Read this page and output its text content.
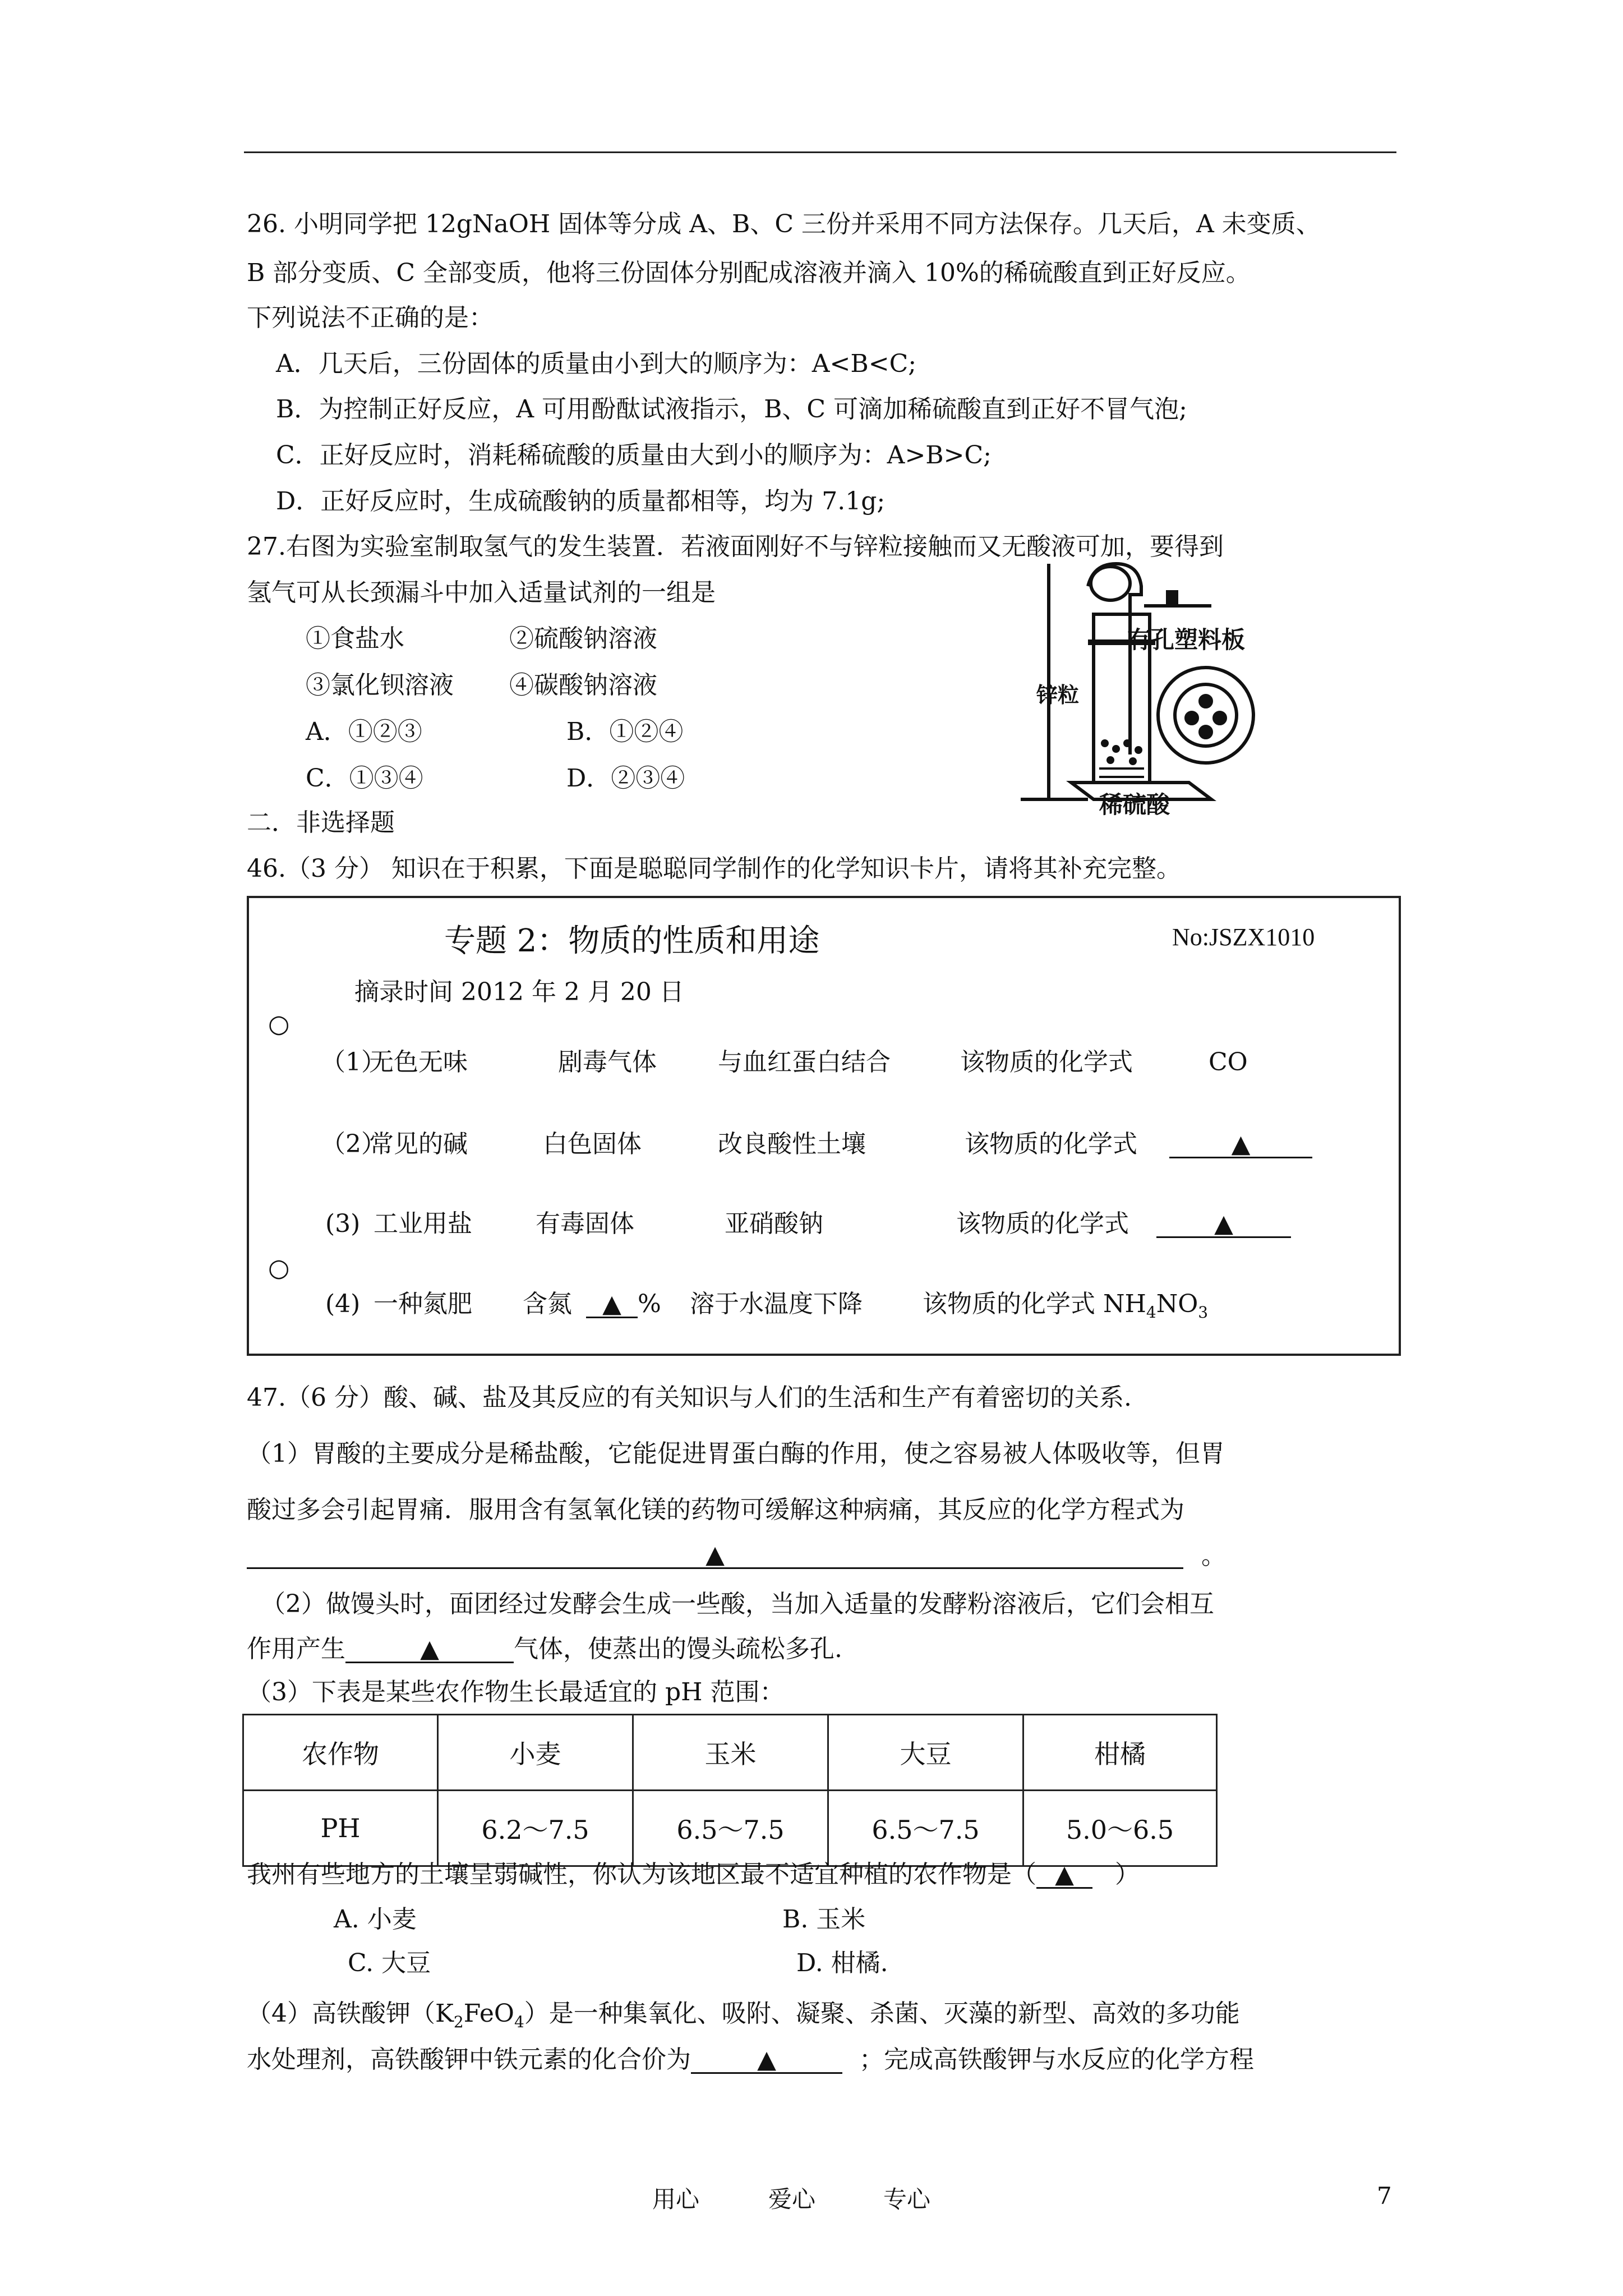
26. 小明同学把 12gNaOH 固体等分成 A、B、C 三份并采用不同方法保存。几天后，A 未变质、
B 部分变质、C 全部变质，他将三份固体分别配成溶液并滴入 10%的稀硫酸直到正好反应。
下列说法不正确的是：
A．几天后，三份固体的质量由小到大的顺序为：A<B<C;
B．为控制正好反应，A 可用酚酞试液指示，B、C 可滴加稀硫酸直到正好不冒气泡;
C．正好反应时，消耗稀硫酸的质量由大到小的顺序为：A>B>C;
D．正好反应时，生成硫酸钠的质量都相等，均为 7.1g;
27.右图为实验室制取氢气的发生装置．若液面刚好不与锌粒接触而又无酸液可加，要得到
氢气可从长颈漏斗中加入适量试剂的一组是
①食盐水	②硫酸钠溶液
③氯化钡溶液 ④碳酸钠溶液
A．①②③	B．①②④
C．①③④	D．②③④
有孔塑料板
锌粒
稀硫酸
二．非选择题
46.（3 分） 知识在于积累，下面是聪聪同学制作的化学知识卡片，请将其补充完整。
专题 2：物质的性质和用途	No:JSZX1010
摘录时间 2012 年 2 月 20 日
○
○
（1）
无色无味	剧毒气体 与血红蛋白结合	该物质的化学式	CO
（2）
常见的碱	白色固体	改良酸性土壤	该物质的化学式	▲
(3) 工业用盐	有毒固体	亚硝酸钠	该物质的化学式	▲
(4) 一种氮肥 含氮	▲ % 溶于水温度下降 该物质的化学式 $NH_4NO_3$
47.（6 分）酸、碱、盐及其反应的有关知识与人们的生活和生产有着密切的关系.
（1）胃酸的主要成分是稀盐酸，它能促进胃蛋白酶的作用，使之容易被人体吸收等，但胃
酸过多会引起胃痛．服用含有氢氧化镁的药物可缓解这种病痛，其反应的化学方程式为
▲	。
（2）做馒头时，面团经过发酵会生成一些酸，当加入适量的发酵粉溶液后，它们会相互
作用产生	▲	气体，使蒸出的馒头疏松多孔.
（3）下表是某些农作物生长最适宜的 pH 范围：
农作物	小麦	玉米	大豆	柑橘
PH	6.2～7.5	6.5～7.5	6.5～7.5	5.0～6.5
我州有些地方的土壤呈弱碱性，你认为该地区最不适宜种植的农作物是（ ▲ ）
A. 小麦	B. 玉米
C. 大豆	D. 柑橘.
（4）高铁酸钾$(K_2FeO_4)$是一种集氧化、吸附、凝聚、杀菌、灭藻的新型、高效的多功能
水处理剂，高铁酸钾中铁元素的化合价为	▲	；完成高铁酸钾与水反应的化学方程
用心	爱心	专心	7
